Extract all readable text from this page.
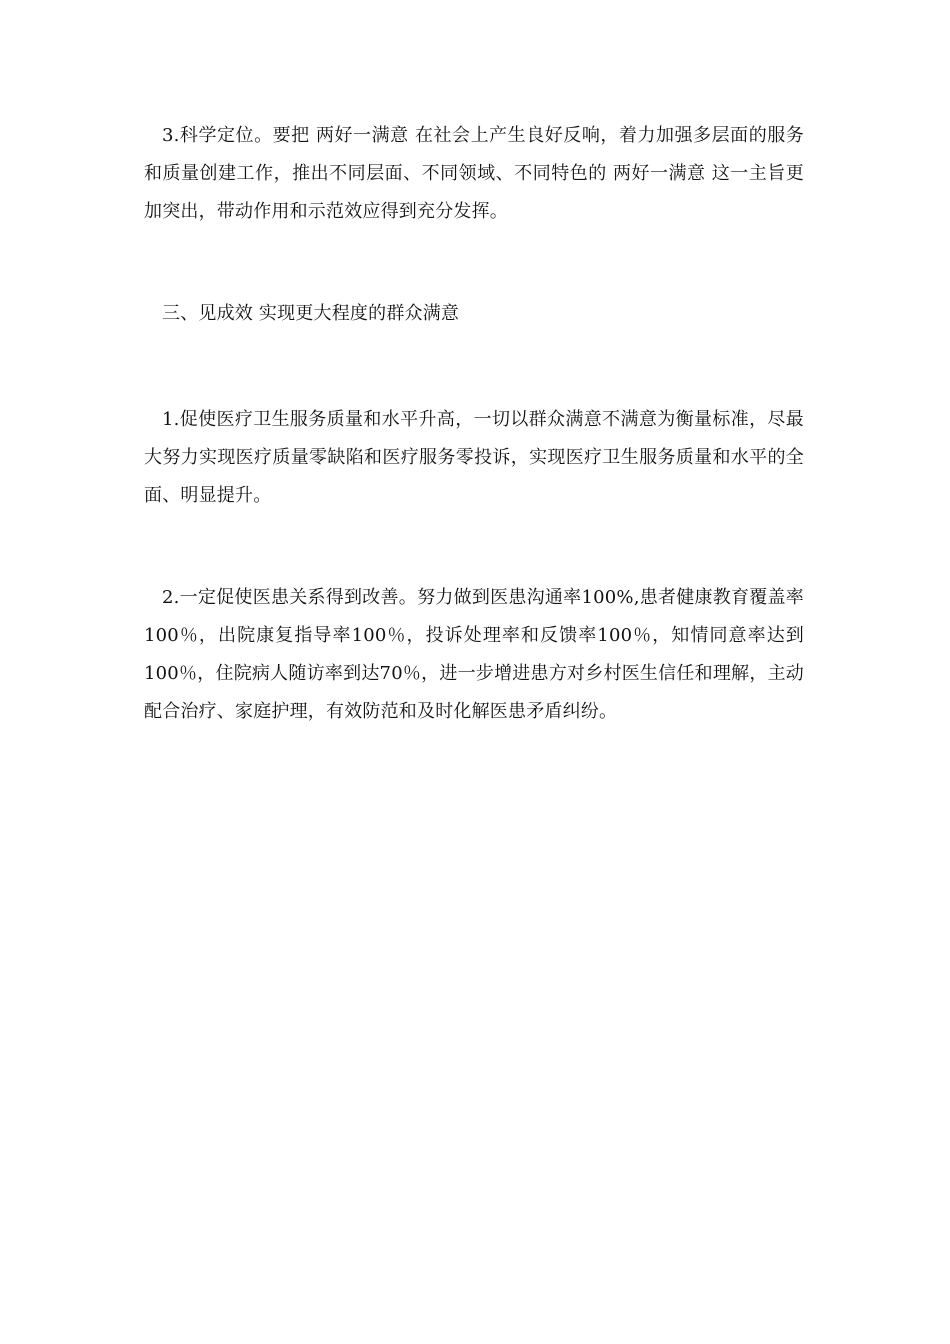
3.科学定位。要把 两好一满意 在社会上产生良好反响，着力加强多层面的服务和质量创建工作，推出不同层面、不同领域、不同特色的 两好一满意 这一主旨更加突出，带动作用和示范效应得到充分发挥。

三、见成效 实现更大程度的群众满意

1.促使医疗卫生服务质量和水平升高，一切以群众满意不满意为衡量标准，尽最大努力实现医疗质量零缺陷和医疗服务零投诉，实现医疗卫生服务质量和水平的全面、明显提升。

2.一定促使医患关系得到改善。努力做到医患沟通率100%,患者健康教育覆盖率100％，出院康复指导率100％，投诉处理率和反馈率100％，知情同意率达到100％，住院病人随访率到达70％，进一步增进患方对乡村医生信任和理解，主动配合治疗、家庭护理，有效防范和及时化解医患矛盾纠纷。
